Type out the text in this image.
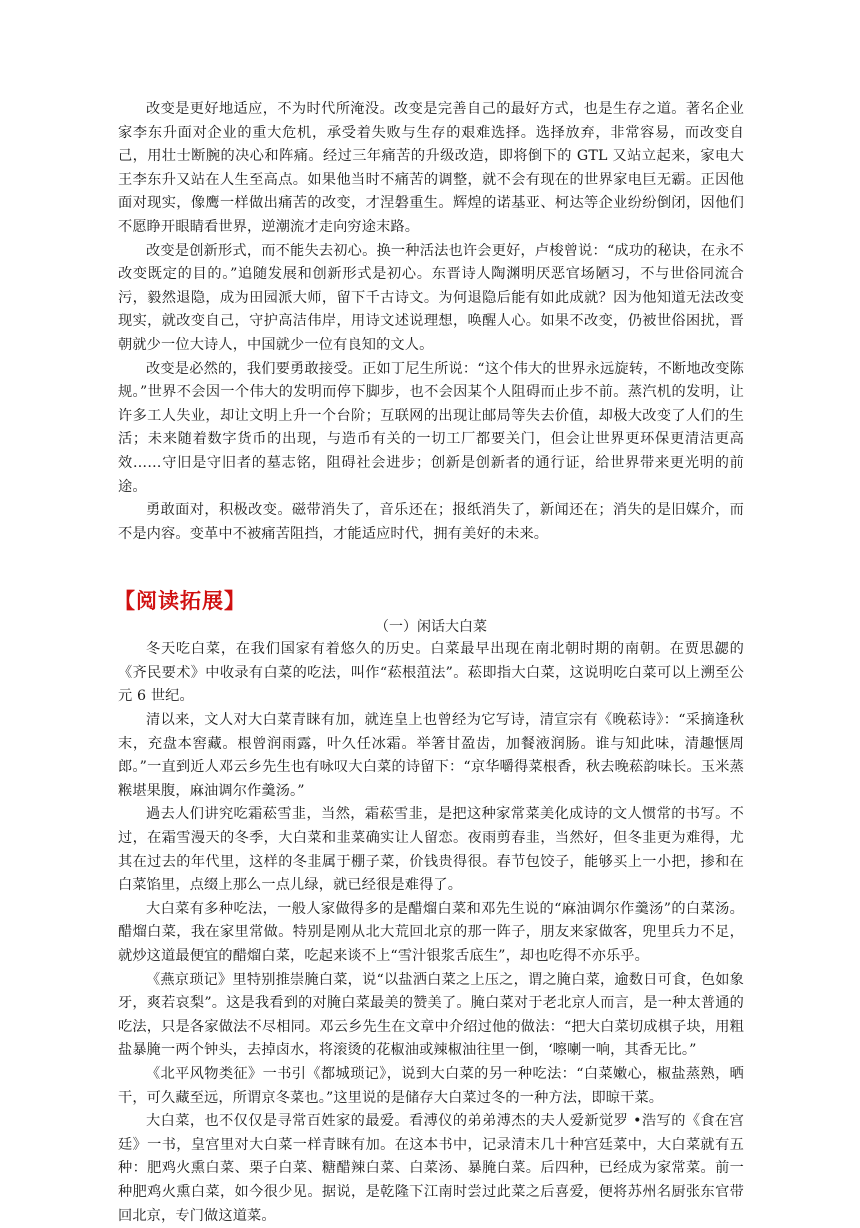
改变是更好地适应，不为时代所淹没。改变是完善自己的最好方式，也是生存之道。著名企业家李东升面对企业的重大危机，承受着失败与生存的艰难选择。选择放弃，非常容易，而改变自己，用壮士断腕的决心和阵痛。经过三年痛苦的升级改造，即将倒下的 GTL 又站立起来，家电大王李东升又站在人生至高点。如果他当时不痛苦的调整，就不会有现在的世界家电巨无霸。正因他面对现实，像鹰一样做出痛苦的改变，才涅磐重生。辉煌的诺基亚、柯达等企业纷纷倒闭，因他们不愿睁开眼睛看世界，逆潮流才走向穷途末路。

改变是创新形式，而不能失去初心。换一种活法也许会更好，卢梭曾说：“成功的秘诀，在永不改变既定的目的。”追随发展和创新形式是初心。东晋诗人陶渊明厌恶官场陋习，不与世俗同流合污，毅然退隐，成为田园派大师，留下千古诗文。为何退隐后能有如此成就？因为他知道无法改变现实，就改变自己，守护高洁伟岸，用诗文述说理想，唤醒人心。如果不改变，仍被世俗困扰，晋朝就少一位大诗人，中国就少一位有良知的文人。

改变是必然的，我们要勇敢接受。正如丁尼生所说：“这个伟大的世界永远旋转，不断地改变陈规。”世界不会因一个伟大的发明而停下脚步，也不会因某个人阻碍而止步不前。蒸汽机的发明，让许多工人失业，却让文明上升一个台阶；互联网的出现让邮局等失去价值，却极大改变了人们的生活；未来随着数字货币的出现，与造币有关的一切工厂都要关门，但会让世界更环保更清洁更高效……守旧是守旧者的墓志铭，阻碍社会进步；创新是创新者的通行证，给世界带来更光明的前途。

勇敢面对，积极改变。磁带消失了，音乐还在；报纸消失了，新闻还在；消失的是旧媒介，而不是内容。变革中不被痛苦阻挡，才能适应时代，拥有美好的未来。

【阅读拓展】
（一）闲话大白菜

冬天吃白菜，在我们国家有着悠久的历史。白菜最早出现在南北朝时期的南朝。在贾思勰的《齐民要术》中收录有白菜的吃法，叫作“菘根菹法”。菘即指大白菜，这说明吃白菜可以上溯至公元 6 世纪。

清以来，文人对大白菜青睐有加，就连皇上也曾经为它写诗，清宣宗有《晚菘诗》：“采摘逢秋末，充盘本窖藏。根曾润雨露，叶久任冰霜。举箸甘盈齿，加餐液润肠。谁与知此味，清趣惬周郎。”一直到近人邓云乡先生也有咏叹大白菜的诗留下：“京华嚼得菜根香，秋去晚菘韵味长。玉米蒸糇堪果腹，麻油调尔作羹汤。”

過去人们讲究吃霜菘雪韭，当然，霜菘雪韭，是把这种家常菜美化成诗的文人惯常的书写。不过，在霜雪漫天的冬季，大白菜和韭菜确实让人留恋。夜雨剪春韭，当然好，但冬韭更为难得，尤其在过去的年代里，这样的冬韭属于棚子菜，价钱贵得很。春节包饺子，能够买上一小把，掺和在白菜馅里，点缀上那么一点儿绿，就已经很是难得了。

大白菜有多种吃法，一般人家做得多的是醋熘白菜和邓先生说的“麻油调尔作羹汤”的白菜汤。醋熘白菜，我在家里常做。特别是刚从北大荒回北京的那一阵子，朋友来家做客，兜里兵力不足，就炒这道最便宜的醋熘白菜，吃起来谈不上“雪汁银浆舌底生”，却也吃得不亦乐乎。

《燕京琐记》里特别推崇腌白菜，说“以盐洒白菜之上压之，谓之腌白菜，逾数日可食，色如象牙，爽若哀梨”。这是我看到的对腌白菜最美的赞美了。腌白菜对于老北京人而言，是一种太普通的吃法，只是各家做法不尽相同。邓云乡先生在文章中介绍过他的做法：“把大白菜切成棋子块，用粗盐暴腌一两个钟头，去掉卤水，将滚烫的花椒油或辣椒油往里一倒，‘嚓喇一响，其香无比。”

《北平风物类征》一书引《都城琐记》，说到大白菜的另一种吃法：“白菜嫩心，椒盐蒸熟，晒干，可久藏至远，所谓京冬菜也。”这里说的是储存大白菜过冬的一种方法，即晾干菜。

大白菜，也不仅仅是寻常百姓家的最爱。看溥仪的弟弟溥杰的夫人爱新觉罗 •浩写的《食在宫廷》一书，皇宫里对大白菜一样青睐有加。在这本书中，记录清末几十种宫廷菜中，大白菜就有五种：肥鸡火熏白菜、栗子白菜、糖醋辣白菜、白菜汤、暴腌白菜。后四种，已经成为家常菜。前一种肥鸡火熏白菜，如今很少见。据说，是乾隆下江南时尝过此菜之后喜爱，便将苏州名厨张东官带回北京，专门做这道菜。
